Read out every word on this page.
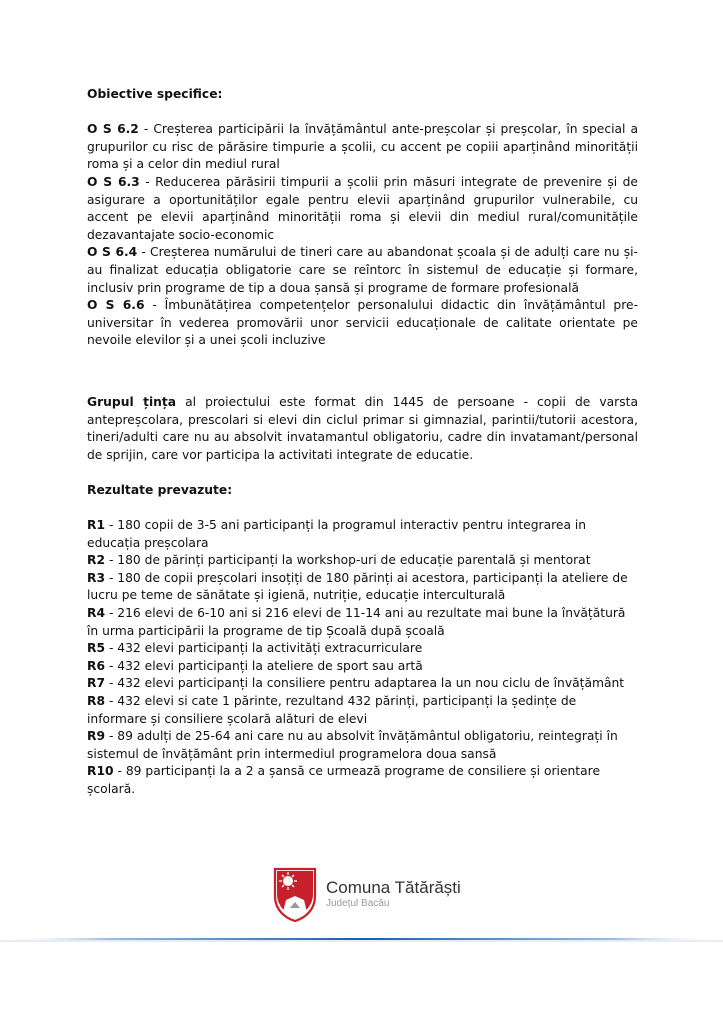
Obiective specifice:

O S 6.2 - Creșterea participării la învățământul ante-preșcolar și preșcolar, în special a grupurilor cu risc de părăsire timpurie a școlii, cu accent pe copiii aparținând minorității roma și a celor din mediul rural

O S 6.3 - Reducerea părăsirii timpurii a școlii prin măsuri integrate de prevenire și de asigurare a oportunităților egale pentru elevii aparținând grupurilor vulnerabile, cu accent pe elevii aparținând minorității roma și elevii din mediul rural/comunitățile dezavantajate socio-economic

O S 6.4 - Creșterea numărului de tineri care au abandonat școala și de adulți care nu și-au finalizat educația obligatorie care se reîntorc în sistemul de educație și formare, inclusiv prin programe de tip a doua șansă și programe de formare profesională

O S 6.6 - Îmbunătățirea competențelor personalului didactic din învățământul pre-universitar în vederea promovării unor servicii educaționale de calitate orientate pe nevoile elevilor și a unei școli incluzive

Grupul țința al proiectului este format din 1445 de persoane - copii de varsta antepreșcolara, prescolari si elevi din ciclul primar si gimnazial, parintii/tutorii acestora, tineri/adulti care nu au absolvit invatamantul obligatoriu, cadre din invatamant/personal de sprijin, care vor participa la activitati integrate de educatie.

Rezultate prevazute:

R1 - 180 copii de 3-5 ani participanți la programul interactiv pentru integrarea in educația preșcolara

R2 - 180 de părinți participanți la workshop-uri de educație parentală și mentorat

R3 - 180 de copii preșcolari insoțiți de 180 părinți ai acestora, participanți la ateliere de lucru pe teme de sănătate și igienă, nutriție, educație interculturală

R4 - 216 elevi de 6-10 ani si 216 elevi de 11-14 ani au rezultate mai bune la învățătură în urma participării la programe de tip Școală după școală

R5 - 432 elevi participanți la activități extracurriculare

R6 - 432 elevi participanți la ateliere de sport sau artă

R7 - 432 elevi participanți la consiliere pentru adaptarea la un nou ciclu de învățământ

R8 - 432 elevi si cate 1 părinte, rezultand 432 părinți, participanți la ședințe de informare și consiliere școlară alături de elevi

R9 - 89 adulți de 25-64 ani care nu au absolvit învățământul obligatoriu, reintegrați în sistemul de învățământ prin intermediul programelora doua sansă

R10 - 89 participanți la a 2 a șansă ce urmează programe de consiliere și orientare școlară.

Comuna Tătărăști
Județul Bacău
